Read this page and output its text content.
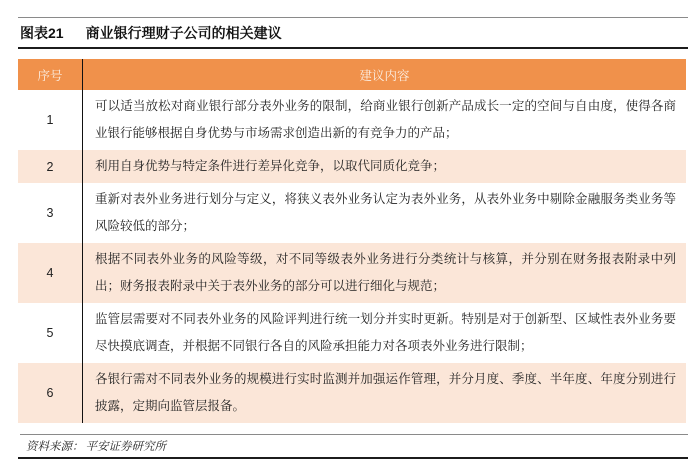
图表21 商业银行理财子公司的相关建议
序号	建议内容
1
可以适当放松对商业银行部分表外业务的限制，给商业银行创新产品成长一定的空间与自由度，使得各商业银行能够根据自身优势与市场需求创造出新的有竞争力的产品；
2	利用自身优势与特定条件进行差异化竞争，以取代同质化竞争；
3
重新对表外业务进行划分与定义，将狭义表外业务认定为表外业务，从表外业务中剔除金融服务类业务等风险较低的部分；
4
根据不同表外业务的风险等级，对不同等级表外业务进行分类统计与核算，并分别在财务报表附录中列出；财务报表附录中关于表外业务的部分可以进行细化与规范；
5
监管层需要对不同表外业务的风险评判进行统一划分并实时更新。特别是对于创新型、区域性表外业务要尽快摸底调查，并根据不同银行各自的风险承担能力对各项表外业务进行限制；
6
各银行需对不同表外业务的规模进行实时监测并加强运作管理，并分月度、季度、半年度、年度分别进行披露，定期向监管层报备。
资料来源： 平安证券研究所
